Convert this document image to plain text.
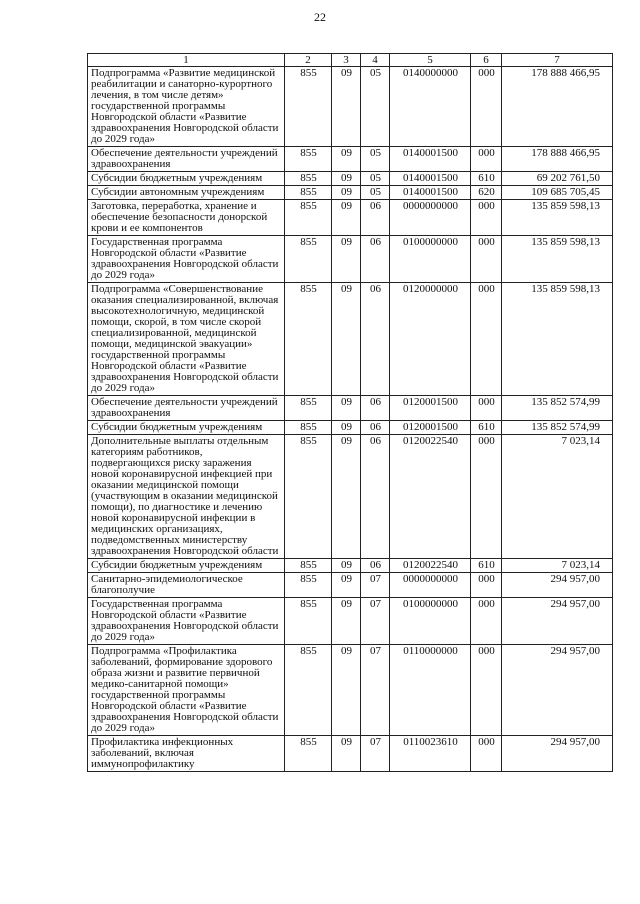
22
1	2	3	4	5	6	7
Подпрограмма «Развитие медицинской реабилитации и санаторно-курортного лечения, в том числе детям» государственной программы Новгородской области «Развитие здравоохранения Новгородской области до 2029 года»	855	09	05	0140000000	000	178 888 466,95
Обеспечение деятельности учреждений здравоохранения	855	09	05	0140001500	000	178 888 466,95
Субсидии бюджетным учреждениям	855	09	05	0140001500	610	69 202 761,50
Субсидии автономным учреждениям	855	09	05	0140001500	620	109 685 705,45
Заготовка, переработка, хранение и обеспечение безопасности донорской крови и ее компонентов	855	09	06	0000000000	000	135 859 598,13
Государственная программа Новгородской области «Развитие здравоохранения Новгородской области до 2029 года»	855	09	06	0100000000	000	135 859 598,13
Подпрограмма «Совершенствование оказания специализированной, включая высокотехнологичную, медицинской помощи, скорой, в том числе скорой специализированной, медицинской помощи, медицинской эвакуации» государственной программы Новгородской области «Развитие здравоохранения Новгородской области до 2029 года»	855	09	06	0120000000	000	135 859 598,13
Обеспечение деятельности учреждений здравоохранения	855	09	06	0120001500	000	135 852 574,99
Субсидии бюджетным учреждениям	855	09	06	0120001500	610	135 852 574,99
Дополнительные выплаты отдельным категориям работников, подвергающихся риску заражения новой коронавирусной инфекцией при оказании медицинской помощи (участвующим в оказании медицинской помощи), по диагностике и лечению новой коронавирусной инфекции в медицинских организациях, подведомственных министерству здравоохранения Новгородской области	855	09	06	0120022540	000	7 023,14
Субсидии бюджетным учреждениям	855	09	06	0120022540	610	7 023,14
Санитарно-эпидемиологическое благополучие	855	09	07	0000000000	000	294 957,00
Государственная программа Новгородской области «Развитие здравоохранения Новгородской области до 2029 года»	855	09	07	0100000000	000	294 957,00
Подпрограмма «Профилактика заболеваний, формирование здорового образа жизни и развитие первичной медико-санитарной помощи» государственной программы Новгородской области «Развитие здравоохранения Новгородской области до 2029 года»	855	09	07	0110000000	000	294 957,00
Профилактика инфекционных заболеваний, включая иммунопрофилактику	855	09	07	0110023610	000	294 957,00
